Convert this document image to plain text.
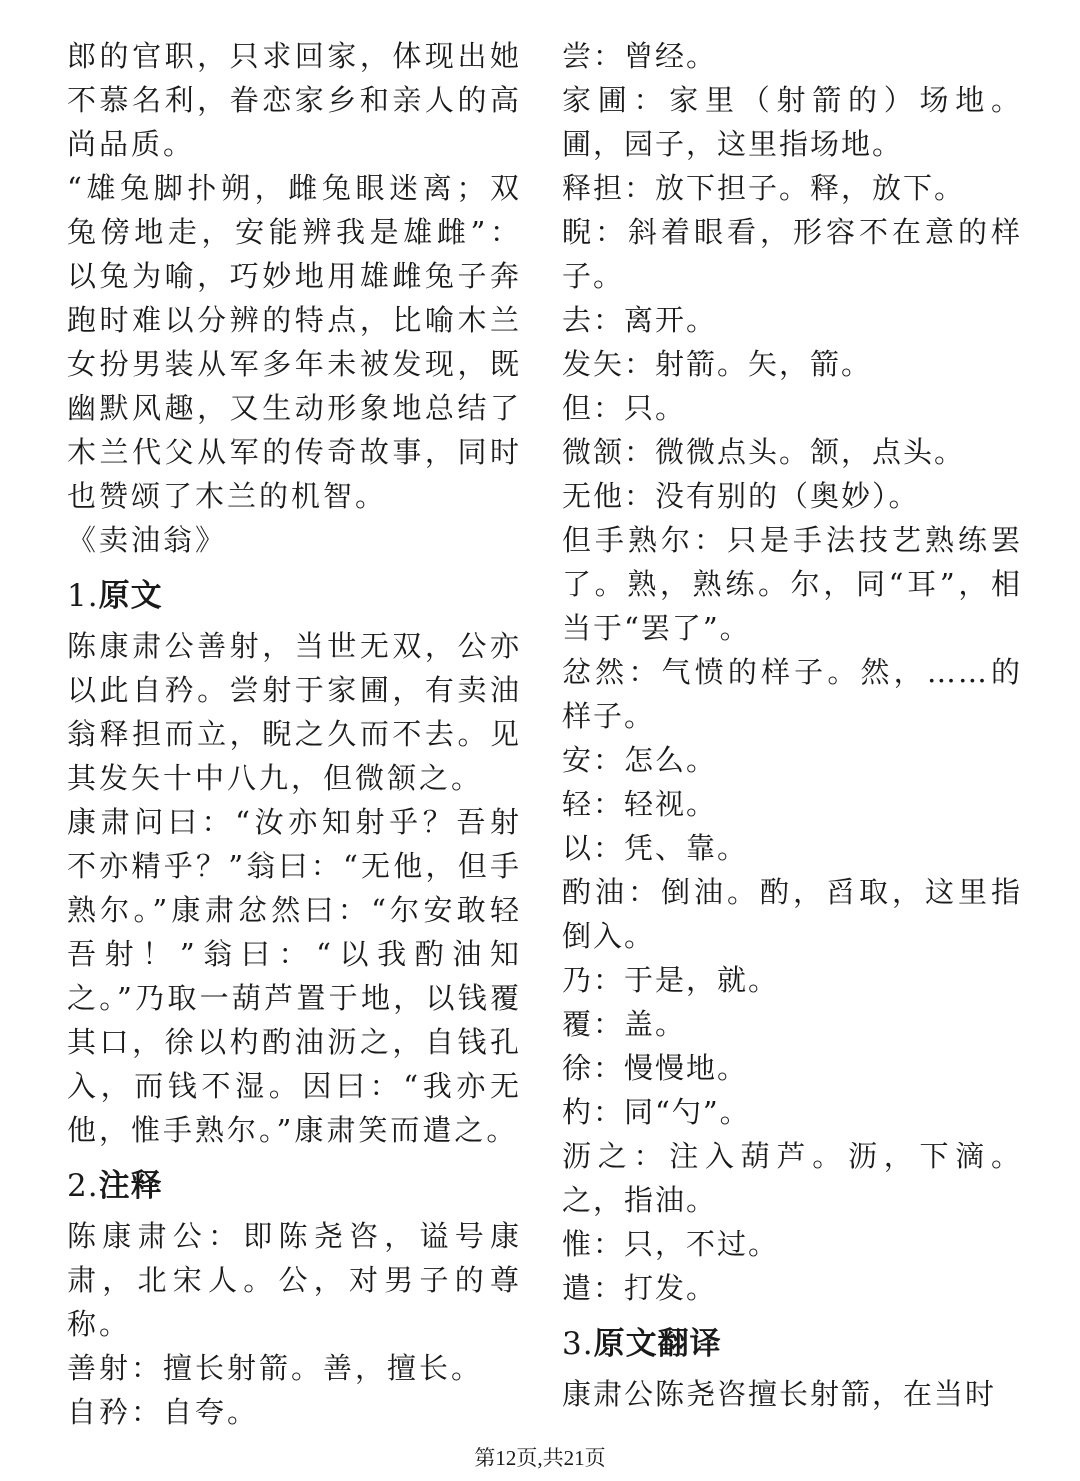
郎的官职，只求回家，体现出她不慕名利，眷恋家乡和亲人的高尚品质。

“雄兔脚扑朔，雌兔眼迷离；双兔傍地走，安能辨我是雄雌”：以兔为喻，巧妙地用雄雌兔子奔跑时难以分辨的特点，比喻木兰女扮男装从军多年未被发现，既幽默风趣，又生动形象地总结了木兰代父从军的传奇故事，同时也赞颂了木兰的机智。

《卖油翁》

1.原文

陈康肃公善射，当世无双，公亦以此自矜。尝射于家圃，有卖油翁释担而立，睨之久而不去。见其发矢十中八九，但微颔之。

康肃问曰：“汝亦知射乎？吾射不亦精乎？”翁曰：“无他，但手熟尔。”康肃忿然曰：“尔安敢轻吾射！”翁曰：“以我酌油知之。”乃取一葫芦置于地，以钱覆其口，徐以杓酌油沥之，自钱孔入，而钱不湿。因曰：“我亦无他，惟手熟尔。”康肃笑而遣之。

2.注释

陈康肃公：即陈尧咨，谥号康肃，北宋人。公，对男子的尊称。

善射：擅长射箭。善，擅长。

自矜：自夸。

尝：曾经。

家圃：家里（射箭的）场地。圃，园子，这里指场地。

释担：放下担子。释，放下。

睨：斜着眼看，形容不在意的样子。

去：离开。

发矢：射箭。矢，箭。

但：只。

微颔：微微点头。颔，点头。

无他：没有别的（奥妙）。

但手熟尔：只是手法技艺熟练罢了。熟，熟练。尔，同“耳”，相当于“罢了”。

忿然：气愤的样子。然，……的样子。

安：怎么。

轻：轻视。

以：凭、靠。

酌油：倒油。酌，舀取，这里指倒入。

乃：于是，就。

覆：盖。

徐：慢慢地。

杓：同“勺”。

沥之：注入葫芦。沥，下滴。之，指油。

惟：只，不过。

遣：打发。

3.原文翻译

康肃公陈尧咨擅长射箭，在当时

第12页,共21页
